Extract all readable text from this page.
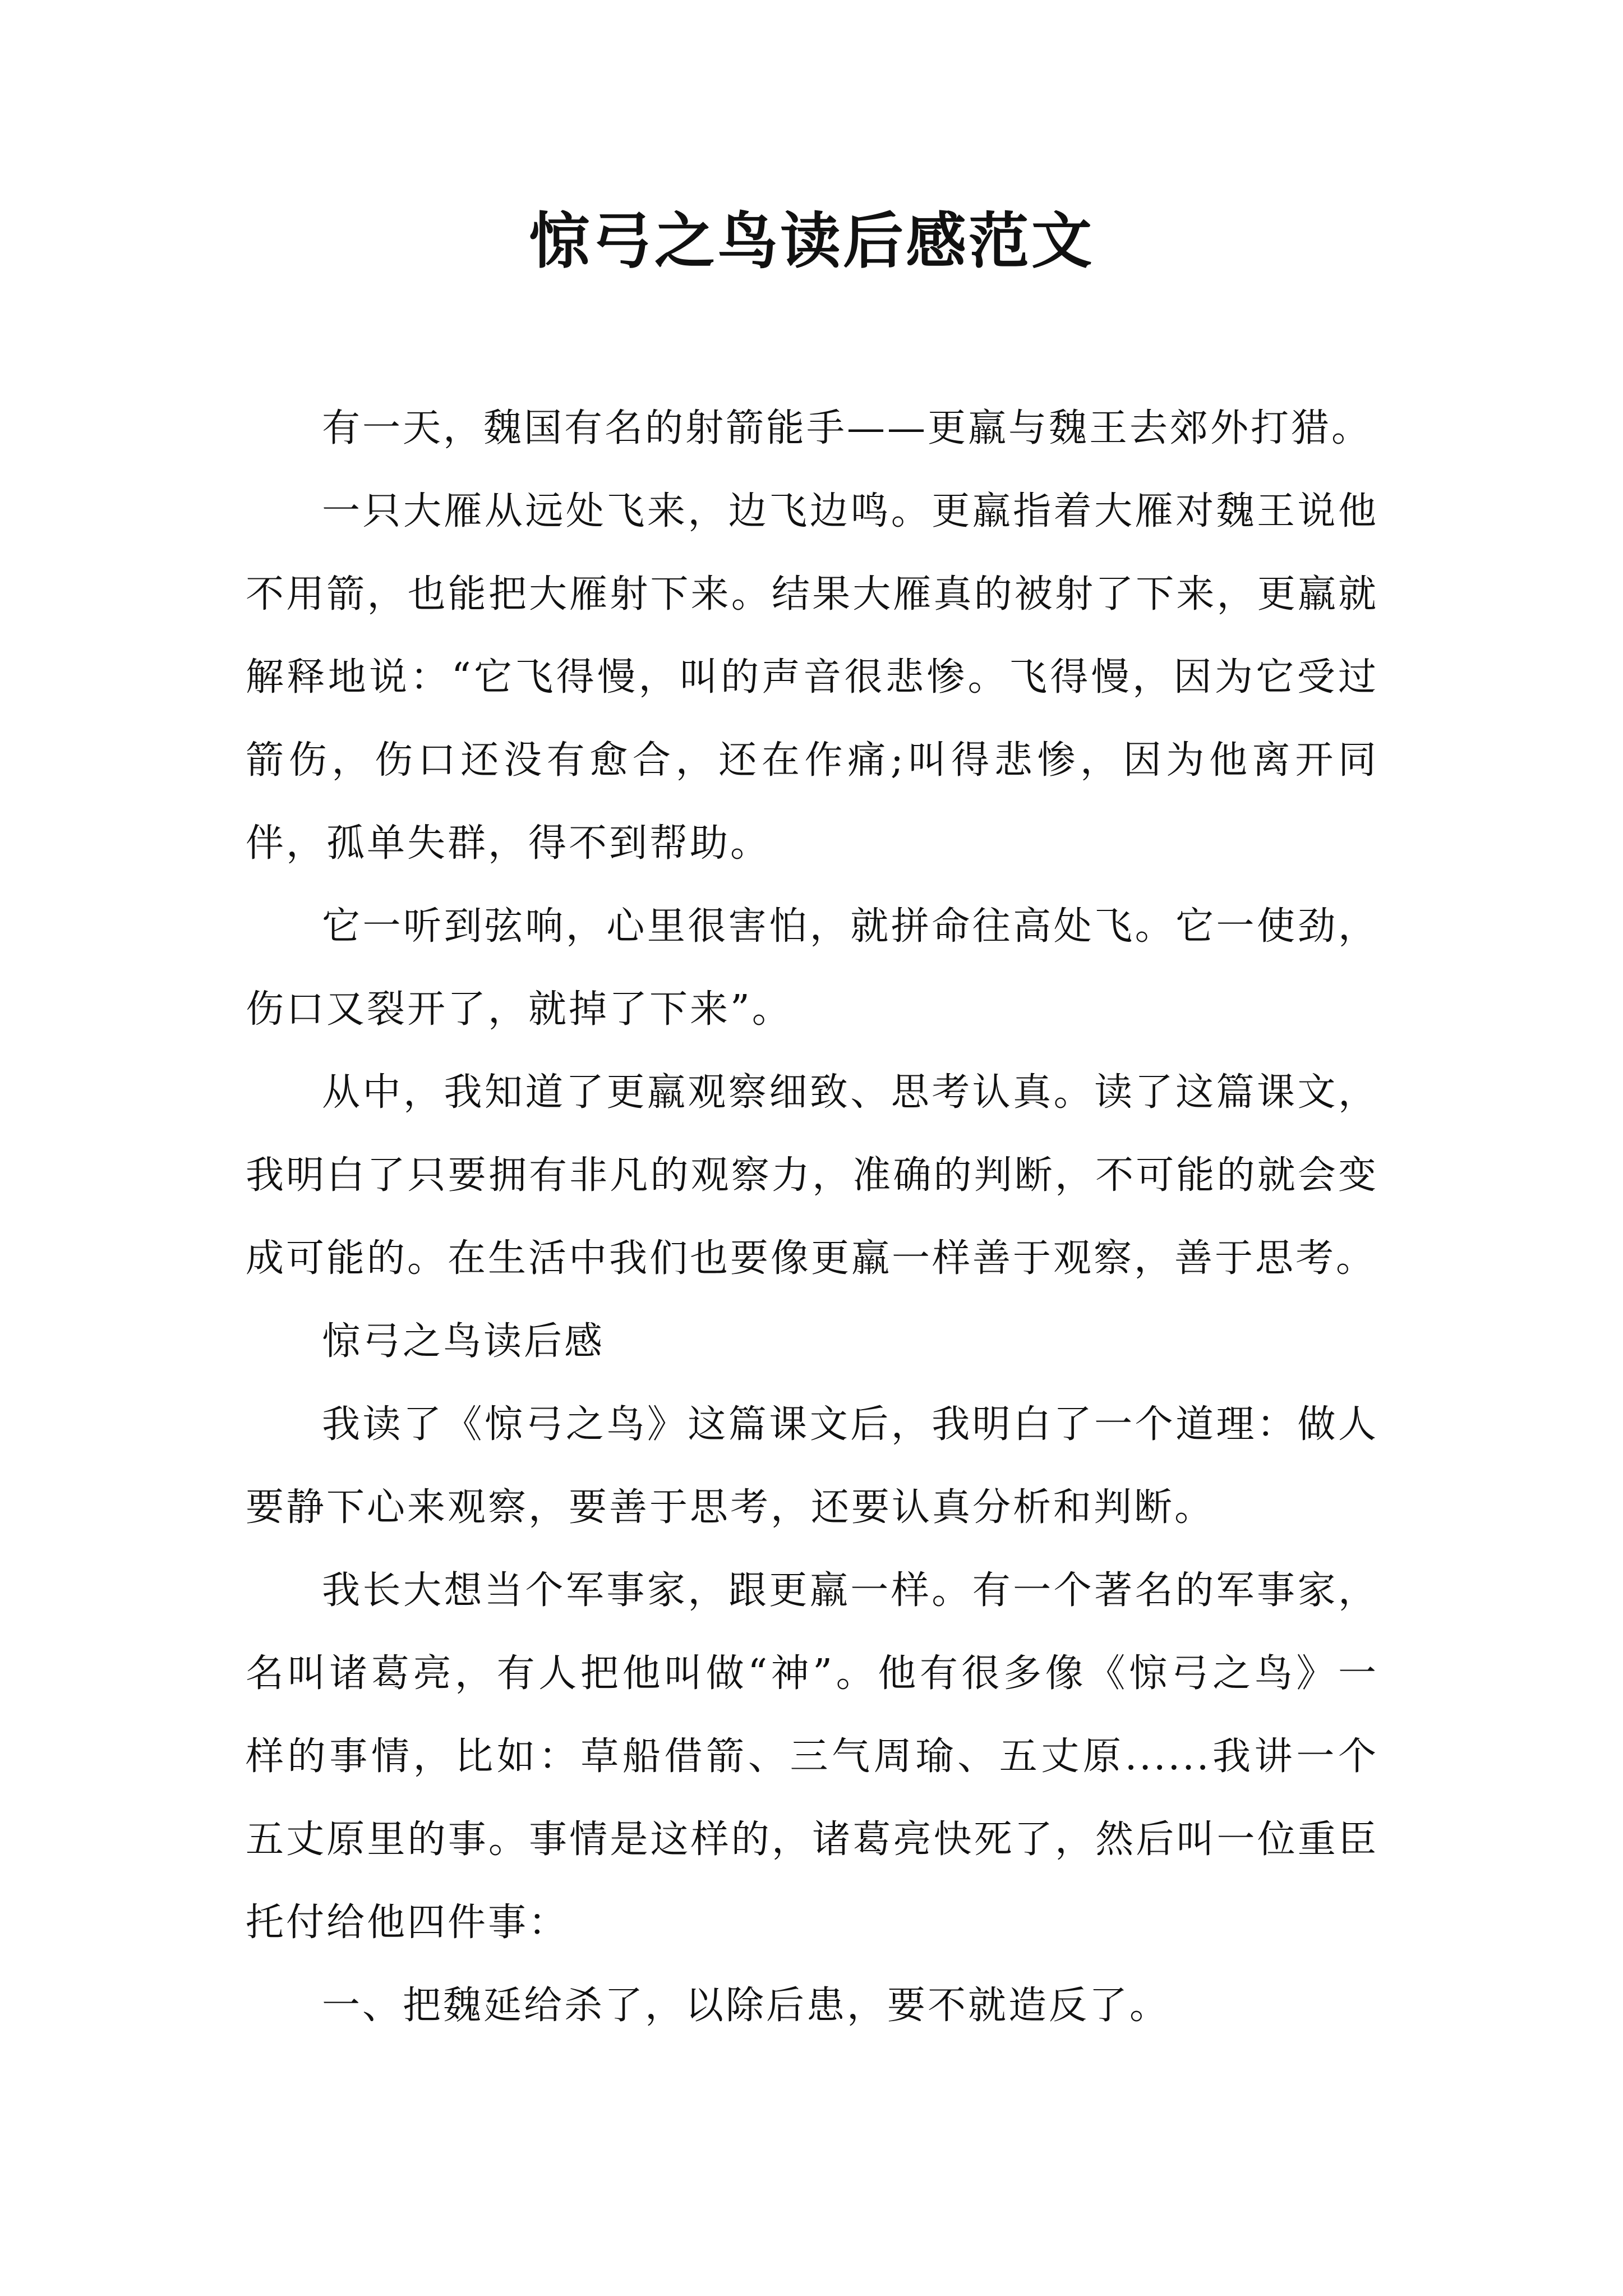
惊弓之鸟读后感范文

有一天，魏国有名的射箭能手——更羸与魏王去郊外打猎。

一只大雁从远处飞来，边飞边鸣。更羸指着大雁对魏王说他不用箭，也能把大雁射下来。结果大雁真的被射了下来，更羸就解释地说：“它飞得慢，叫的声音很悲惨。飞得慢，因为它受过箭伤，伤口还没有愈合，还在作痛;叫得悲惨，因为他离开同伴，孤单失群，得不到帮助。

它一听到弦响，心里很害怕，就拼命往高处飞。它一使劲，伤口又裂开了，就掉了下来”。

从中，我知道了更羸观察细致、思考认真。读了这篇课文，我明白了只要拥有非凡的观察力，准确的判断，不可能的就会变成可能的。在生活中我们也要像更羸一样善于观察，善于思考。

惊弓之鸟读后感

我读了《惊弓之鸟》这篇课文后，我明白了一个道理：做人要静下心来观察，要善于思考，还要认真分析和判断。

我长大想当个军事家，跟更羸一样。有一个著名的军事家，名叫诸葛亮，有人把他叫做“神”。他有很多像《惊弓之鸟》一样的事情，比如：草船借箭、三气周瑜、五丈原......我讲一个五丈原里的事。事情是这样的，诸葛亮快死了，然后叫一位重臣托付给他四件事：

一、把魏延给杀了，以除后患，要不就造反了。
